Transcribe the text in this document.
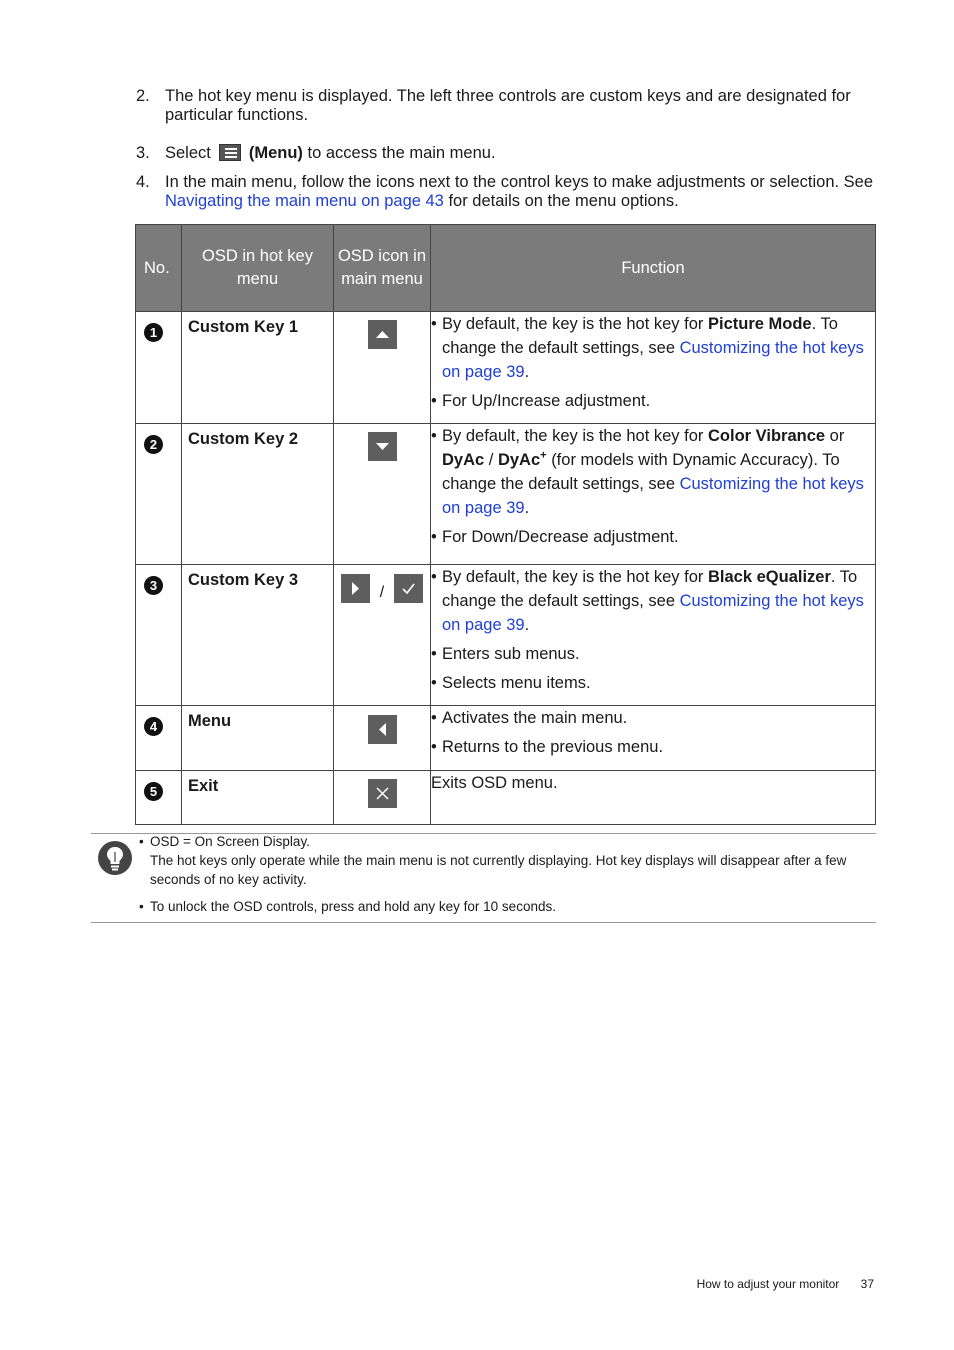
2. The hot key menu is displayed. The left three controls are custom keys and are designated for particular functions.
3. Select (Menu) to access the main menu.
4. In the main menu, follow the icons next to the control keys to make adjustments or selection. See Navigating the main menu on page 43 for details on the menu options.
No.	OSD in hot key menu	OSD icon in main menu	Function

1	Custom Key 1		• By default, the key is the hot key for Picture Mode. To change the default settings, see Customizing the hot keys on page 39.
• For Up/Increase adjustment.

2	Custom Key 2		• By default, the key is the hot key for Color Vibrance or DyAc / DyAc+ (for models with Dynamic Accuracy). To change the default settings, see Customizing the hot keys on page 39.
• For Down/Decrease adjustment.

3	Custom Key 3	/	• By default, the key is the hot key for Black eQualizer. To change the default settings, see Customizing the hot keys on page 39.
• Enters sub menus.
• Selects menu items.

4	Menu		• Activates the main menu.
• Returns to the previous menu.

5	Exit		Exits OSD menu.
• OSD = On Screen Display.
The hot keys only operate while the main menu is not currently displaying. Hot key displays will disappear after a few seconds of no key activity.
• To unlock the OSD controls, press and hold any key for 10 seconds.
How to adjust your monitor 37
